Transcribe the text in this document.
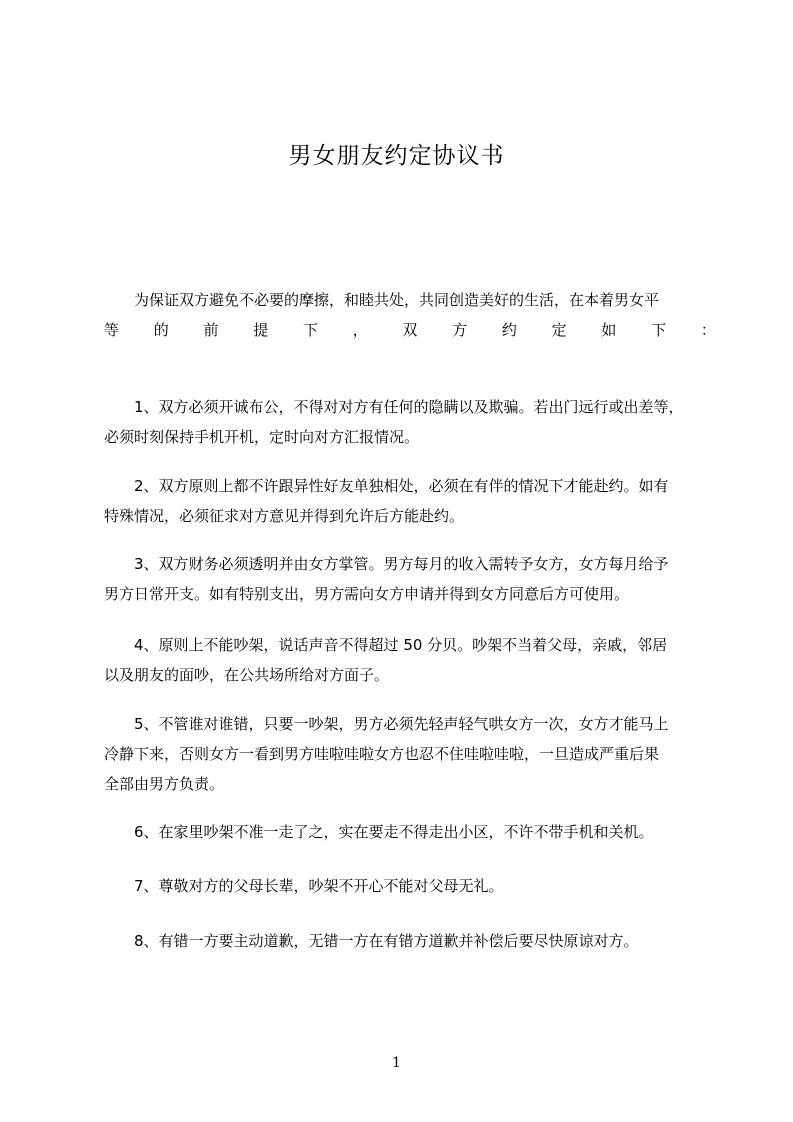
男女朋友约定协议书

　　为保证双方避免不必要的摩擦，和睦共处，共同创造美好的生活，在本着男女平
等 的 前 提 下 ， 双 方 约 定 如 下 ：

　　1、双方必须开诚布公，不得对对方有任何的隐瞒以及欺骗。若出门远行或出差等，
必须时刻保持手机开机，定时向对方汇报情况。

　　2、双方原则上都不许跟异性好友单独相处，必须在有伴的情况下才能赴约。如有
特殊情况，必须征求对方意见并得到允许后方能赴约。

　　3、双方财务必须透明并由女方掌管。男方每月的收入需转予女方，女方每月给予
男方日常开支。如有特别支出，男方需向女方申请并得到女方同意后方可使用。

　　4、原则上不能吵架，说话声音不得超过 50 分贝。吵架不当着父母，亲戚，邻居
以及朋友的面吵，在公共场所给对方面子。

　　5、不管谁对谁错，只要一吵架，男方必须先轻声轻气哄女方一次，女方才能马上
冷静下来，否则女方一看到男方哇啦哇啦女方也忍不住哇啦哇啦，一旦造成严重后果
全部由男方负责。

　　6、在家里吵架不准一走了之，实在要走不得走出小区，不许不带手机和关机。

　　7、尊敬对方的父母长辈，吵架不开心不能对父母无礼。

　　8、有错一方要主动道歉，无错一方在有错方道歉并补偿后要尽快原谅对方。

1
